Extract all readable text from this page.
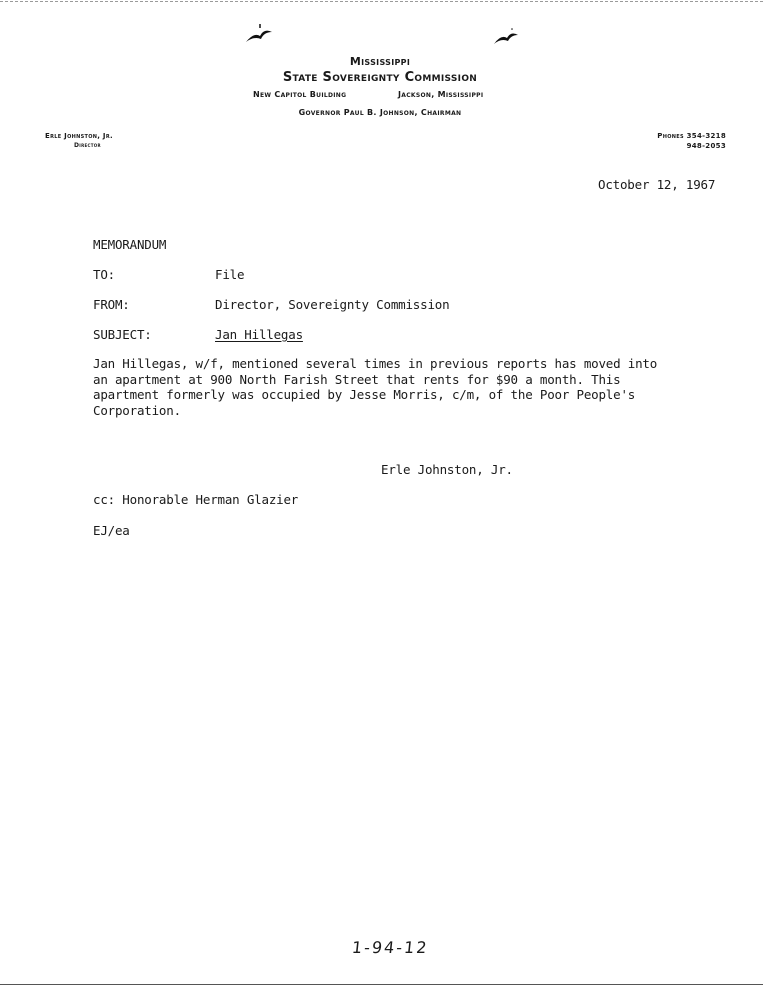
Mississippi
State Sovereignty Commission
New Capitol Building	Jackson, Mississippi
Governor Paul B. Johnson, Chairman
Erle Johnston, Jr.
Director
Phones 354-3218
948-2053
October 12, 1967
MEMORANDUM
TO:	File
FROM:	Director, Sovereignty Commission
SUBJECT:	Jan Hillegas

Jan Hillegas, w/f, mentioned several times in previous reports has moved into

an apartment at 900 North Farish Street that rents for $90 a month. This

apartment formerly was occupied by Jesse Morris, c/m, of the Poor People's

Corporation.

Erle Johnston, Jr.
cc: Honorable Herman Glazier
EJ/ea
1-94-12
